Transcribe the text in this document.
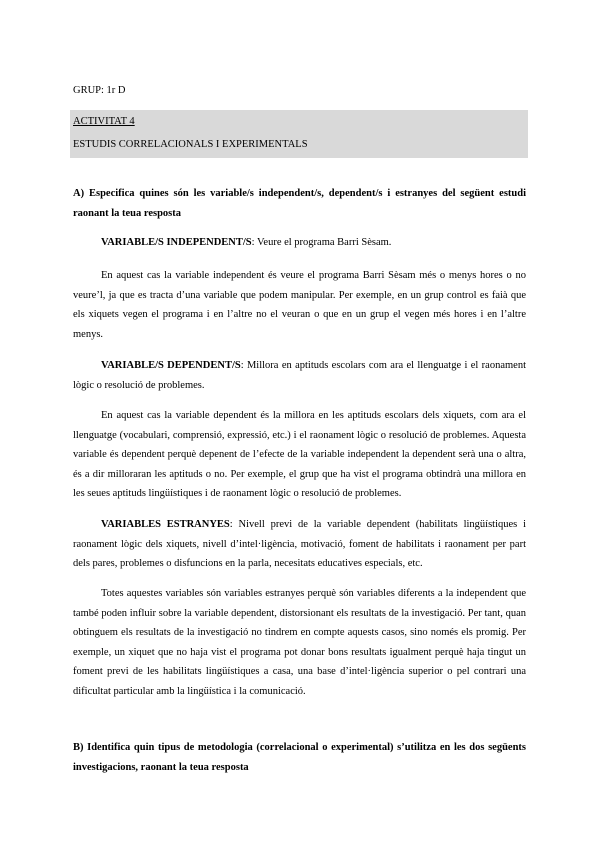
GRUP: 1r D
ACTIVITAT 4
ESTUDIS CORRELACIONALS I EXPERIMENTALS
A) Especifica quines són les variable/s independent/s, dependent/s i estranyes del següent estudi raonant la teua resposta
VARIABLE/S INDEPENDENT/S: Veure el programa Barri Sèsam.
En aquest cas la variable independent és veure el programa Barri Sèsam més o menys hores o no veure’l, ja que es tracta d’una variable que podem manipular. Per exemple, en un grup control es faià que els xiquets vegen el programa i en l’altre no el veuran o que en un grup el vegen més hores i en l’altre menys.
VARIABLE/S DEPENDENT/S: Millora en aptituds escolars com ara el llenguatge i el raonament lògic o resolució de problemes.
En aquest cas la variable dependent és la millora en les aptituds escolars dels xiquets, com ara el llenguatge (vocabulari, comprensió, expressió, etc.) i el raonament lògic o resolució de problemes. Aquesta variable és dependent perquè depenent de l’efecte de la variable independent la dependent serà una o altra, és a dir milloraran les aptituds o no. Per exemple, el grup que ha vist el programa obtindrà una millora en les seues aptituds lingüístiques i de raonament lògic o resolució de problemes.
VARIABLES ESTRANYES: Nivell previ de la variable dependent (habilitats lingüístiques i raonament lògic dels xiquets, nivell d’intel·ligència, motivació, foment de habilitats i raonament per part dels pares, problemes o disfuncions en la parla, necesitats educatives especials, etc.
Totes aquestes variables són variables estranyes perquè són variables diferents a la independent que també poden influir sobre la variable dependent, distorsionant els resultats de la investigació. Per tant, quan obtinguem els resultats de la investigació no tindrem en compte aquests casos, sino només els promig. Per exemple, un xiquet que no haja vist el programa pot donar bons resultats igualment perquè haja tingut un foment previ de les habilitats lingüístiques a casa, una base d’intel·ligència superior o pel contrari una dificultat particular amb la lingüística i la comunicació.
B) Identifica quin tipus de metodologia (correlacional o experimental) s’utilitza en les dos següents investigacions, raonant la teua resposta
